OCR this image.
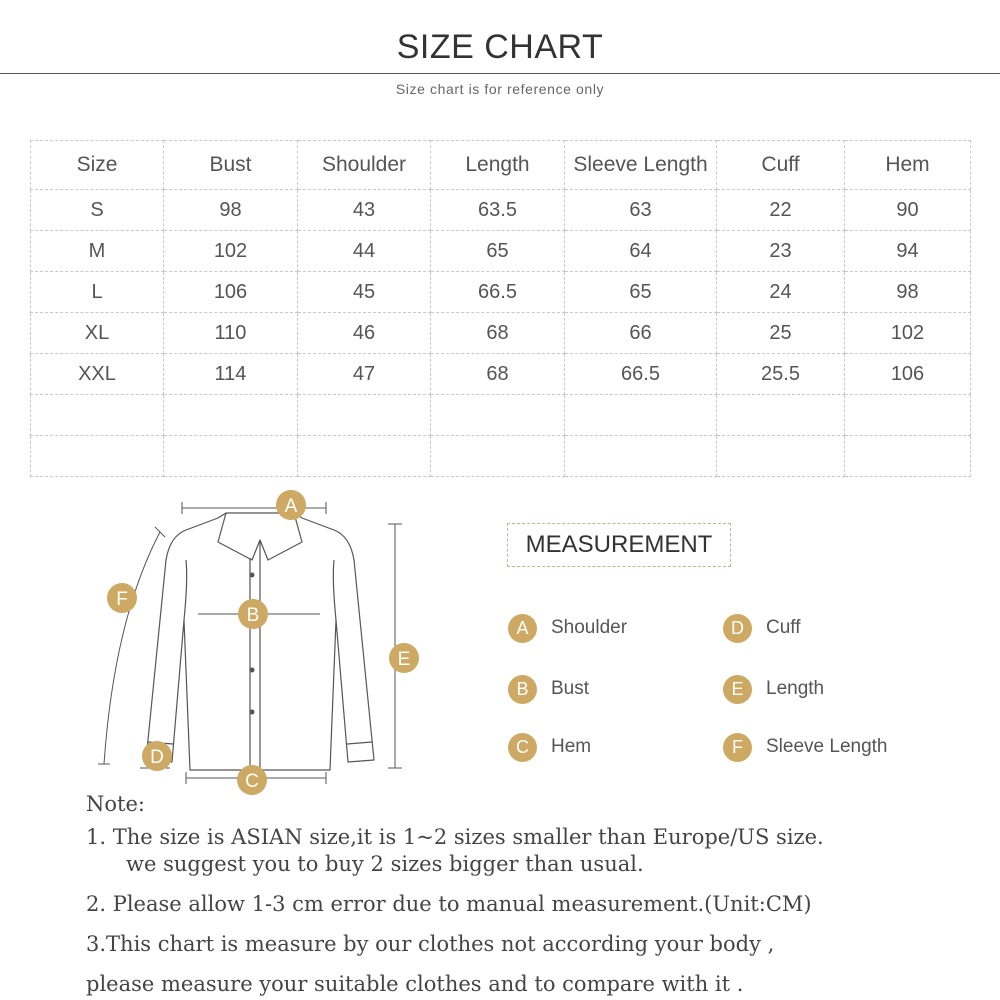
SIZE CHART
Size chart is for reference only
Size	Bust	Shoulder	Length	Sleeve Length	Cuff	Hem
S	98	43	63.5	63	22	90
M	102	44	65	64	23	94
L	106	45	66.5	65	24	98
XL	110	46	68	66	25	102
XXL	114	47	68	66.5	25.5	106

A
B
C
D
E
F
MEASUREMENT
A	Shoulder
B	Bust
C	Hem
D	Cuff
E	Length
F	Sleeve Length
Note:
1. The size is ASIAN size,it is 1~2 sizes smaller than Europe/US size.
we suggest you to buy 2 sizes bigger than usual.
2. Please allow 1-3 cm error due to manual measurement.(Unit:CM)
3.This chart is measure by our clothes not according your body ,
please measure your suitable clothes and to compare with it .
